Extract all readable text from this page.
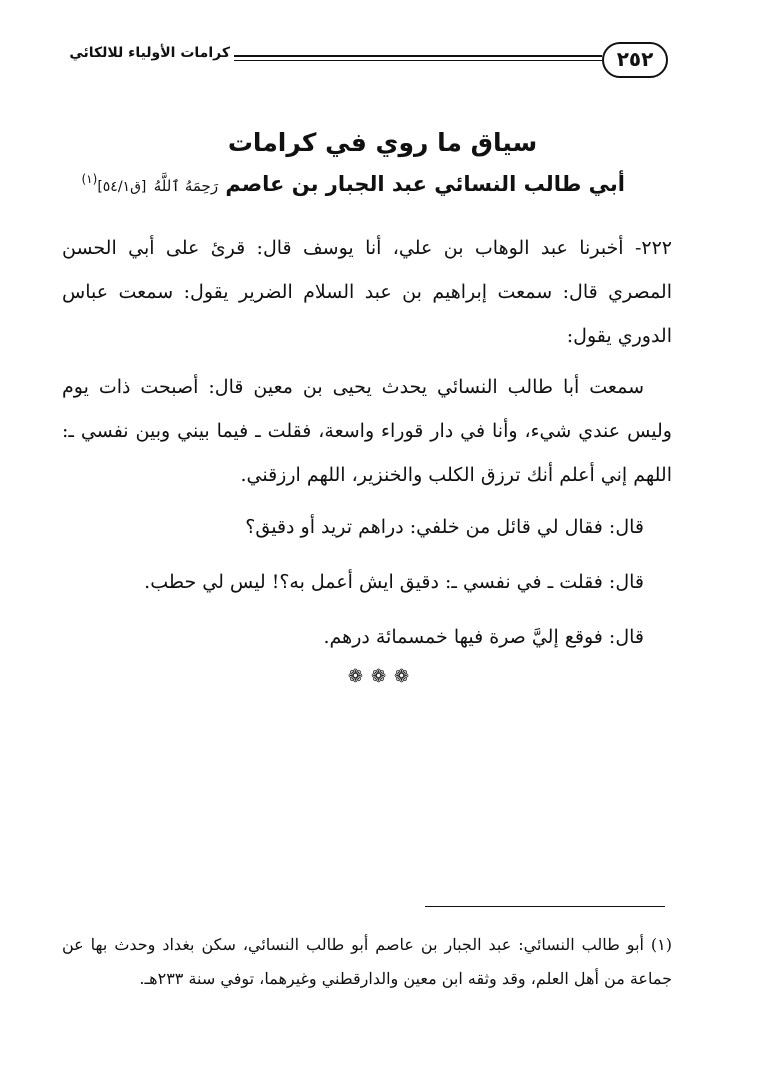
كرامات الأولياء للالكائي	٢٥٢
سياق ما روي في كرامات
أبي طالب النسائي عبد الجبار بن عاصم رَحِمَهُ ٱللَّهُ [ق٥٤/١]$^{(١)}$
٢٢٢- أخبرنا عبد الوهاب بن علي، أنا يوسف قال: قرئ على أبي الحسن المصري قال: سمعت إبراهيم بن عبد السلام الضرير يقول: سمعت عباس الدوري يقول:
سمعت أبا طالب النسائي يحدث يحيى بن معين قال: أصبحت ذات يوم وليس عندي شيء، وأنا في دار قوراء واسعة، فقلت ـ فيما بيني وبين نفسي ـ: اللهم إني أعلم أنك ترزق الكلب والخنزير، اللهم ارزقني.
قال: فقال لي قائل من خلفي: دراهم تريد أو دقيق؟
قال: فقلت ـ في نفسي ـ: دقيق ايش أعمل به؟! ليس لي حطب.
قال: فوقع إليَّ صرة فيها خمسمائة درهم.
❁❁❁
(١) أبو طالب النسائي: عبد الجبار بن عاصم أبو طالب النسائي، سكن بغداد وحدث بها عن جماعة من أهل العلم، وقد وثقه ابن معين والدارقطني وغيرهما، توفي سنة ٢٣٣هـ.
